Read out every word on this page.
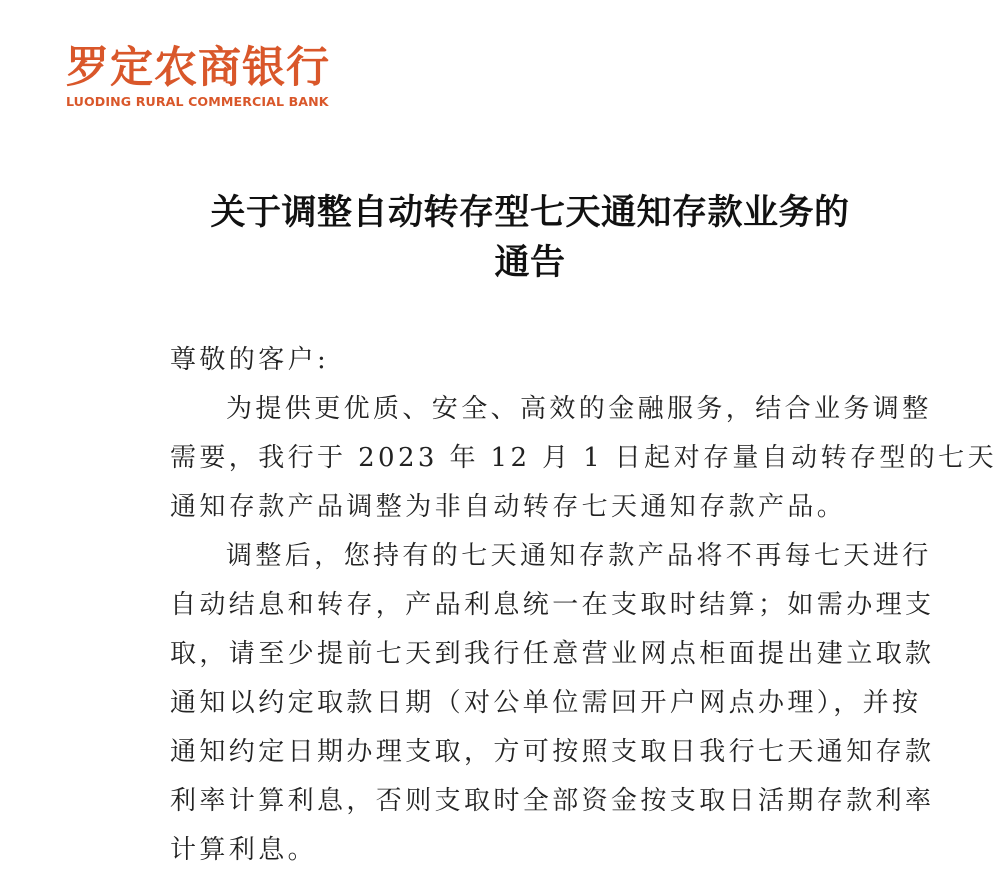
罗定农商银行
LUODING RURAL COMMERCIAL BANK
关于调整自动转存型七天通知存款业务的
通告
尊敬的客户:
为提供更优质、安全、高效的金融服务，结合业务调整
需要，我行于 2023 年 12 月 1 日起对存量自动转存型的七天
通知存款产品调整为非自动转存七天通知存款产品。
调整后，您持有的七天通知存款产品将不再每七天进行
自动结息和转存，产品利息统一在支取时结算；如需办理支
取，请至少提前七天到我行任意营业网点柜面提出建立取款
通知以约定取款日期（对公单位需回开户网点办理），并按
通知约定日期办理支取，方可按照支取日我行七天通知存款
利率计算利息，否则支取时全部资金按支取日活期存款利率
计算利息。
